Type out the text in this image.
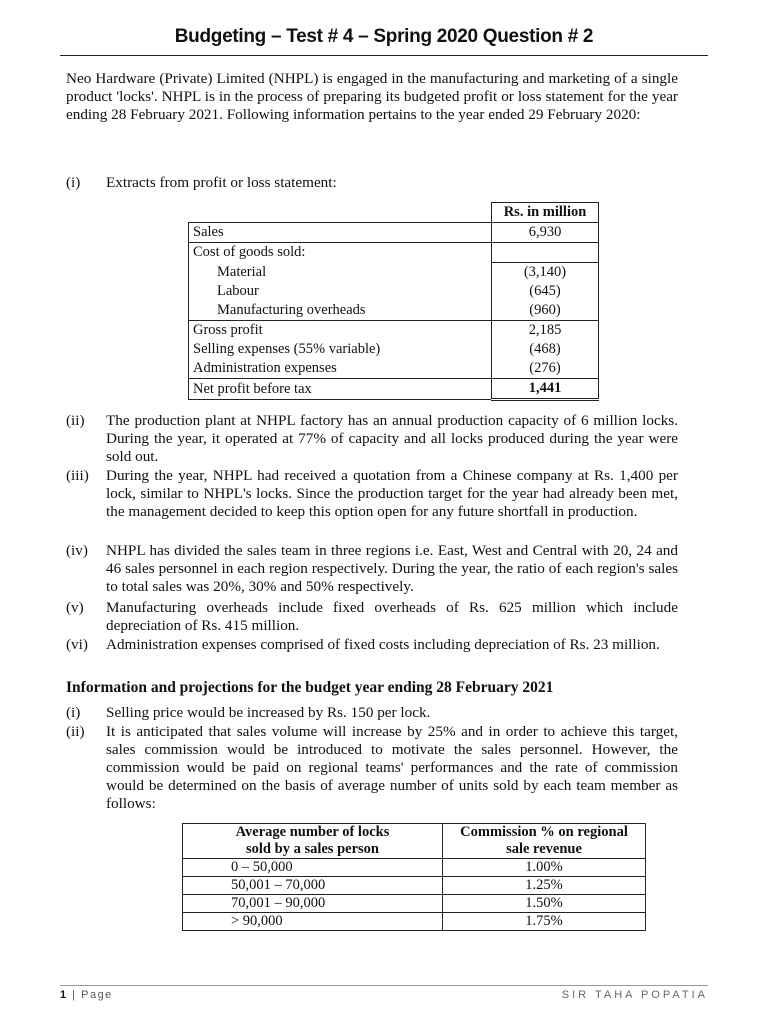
Budgeting – Test # 4 – Spring 2020 Question # 2
Neo Hardware (Private) Limited (NHPL) is engaged in the manufacturing and marketing of a single product 'locks'. NHPL is in the process of preparing its budgeted profit or loss statement for the year ending 28 February 2021. Following information pertains to the year ended 29 February 2020:
(i) Extracts from profit or loss statement:
	Rs. in million
Sales	6,930
Cost of goods sold:	
Material	(3,140)
Labour	(645)
Manufacturing overheads	(960)
Gross profit	2,185
Selling expenses (55% variable)	(468)
Administration expenses	(276)
Net profit before tax	1,441
(ii)	The production plant at NHPL factory has an annual production capacity of 6 million locks. During the year, it operated at 77% of capacity and all locks produced during the year were sold out.
(iii)	During the year, NHPL had received a quotation from a Chinese company at Rs. 1,400 per lock, similar to NHPL's locks. Since the production target for the year had already been met, the management decided to keep this option open for any future shortfall in production.
(iv)	NHPL has divided the sales team in three regions i.e. East, West and Central with 20, 24 and 46 sales personnel in each region respectively. During the year, the ratio of each region's sales to total sales was 20%, 30% and 50% respectively.
(v)	Manufacturing overheads include fixed overheads of Rs. 625 million which include depreciation of Rs. 415 million.
(vi)	Administration expenses comprised of fixed costs including depreciation of Rs. 23 million.
Information and projections for the budget year ending 28 February 2021
(i)	Selling price would be increased by Rs. 150 per lock.
(ii)	It is anticipated that sales volume will increase by 25% and in order to achieve this target, sales commission would be introduced to motivate the sales personnel. However, the commission would be paid on regional teams' performances and the rate of commission would be determined on the basis of average number of units sold by each team member as follows:
Average number of locks
sold by a sales person	Commission % on regional
sale revenue
0 – 50,000	1.00%
50,001 – 70,000	1.25%
70,001 – 90,000	1.50%
> 90,000	1.75%
1 | Page	SIR TAHA POPATIA
